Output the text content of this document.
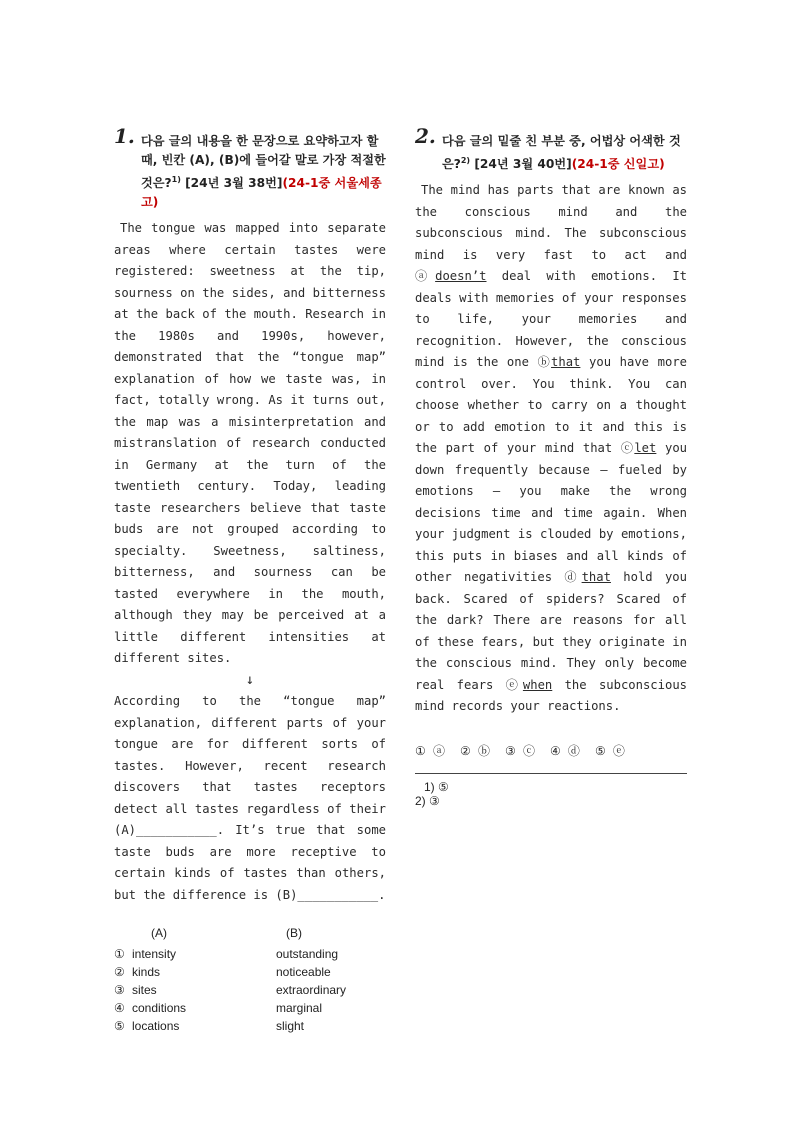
1. 다음 글의 내용을 한 문장으로 요약하고자 할 때, 빈칸 (A), (B)에 들어갈 말로 가장 적절한 것은?$^{1)}$ [24년 3월 38번](24-1중 서울세종고)

The tongue was mapped into separate areas where certain tastes were registered: sweetness at the tip, sourness on the sides, and bitterness at the back of the mouth. Research in the 1980s and 1990s, however, demonstrated that the “tongue map” explanation of how we taste was, in fact, totally wrong. As it turns out, the map was a misinterpretation and mistranslation of research conducted in Germany at the turn of the twentieth century. Today, leading taste researchers believe that taste buds are not grouped according to specialty. Sweetness, saltiness, bitterness, and sourness can be tasted everywhere in the mouth, although they may be perceived at a little different intensities at different sites.

↓

According to the “tongue map” explanation, different parts of your tongue are for different sorts of tastes. However, recent research discovers that tastes receptors detect all tastes regardless of their (A)___________. It’s true that some taste buds are more receptive to certain kinds of tastes than others, but the difference is (B)___________.

(A)	(B)
① intensity	outstanding
② kinds	noticeable
③ sites	extraordinary
④ conditions	marginal
⑤ locations	slight
2. 다음 글의 밑줄 친 부분 중, 어법상 어색한 것은?$^{2)}$ [24년 3월 40번](24-1중 신일고)

The mind has parts that are known as the conscious mind and the subconscious mind. The subconscious mind is very fast to act and ⓐdoesn’t deal with emotions. It deals with memories of your responses to life, your memories and recognition. However, the conscious mind is the one ⓑthat you have more control over. You think. You can choose whether to carry on a thought or to add emotion to it and this is the part of your mind that ⓒlet you down frequently because — fueled by emotions — you make the wrong decisions time and time again. When your judgment is clouded by emotions, this puts in biases and all kinds of other negativities ⓓthat hold you back. Scared of spiders? Scared of the dark? There are reasons for all of these fears, but they originate in the conscious mind. They only become real fears ⓔwhen the subconscious mind records your reactions.

① ⓐ ② ⓑ ③ ⓒ ④ ⓓ ⑤ ⓔ
1) ⑤
2) ③
